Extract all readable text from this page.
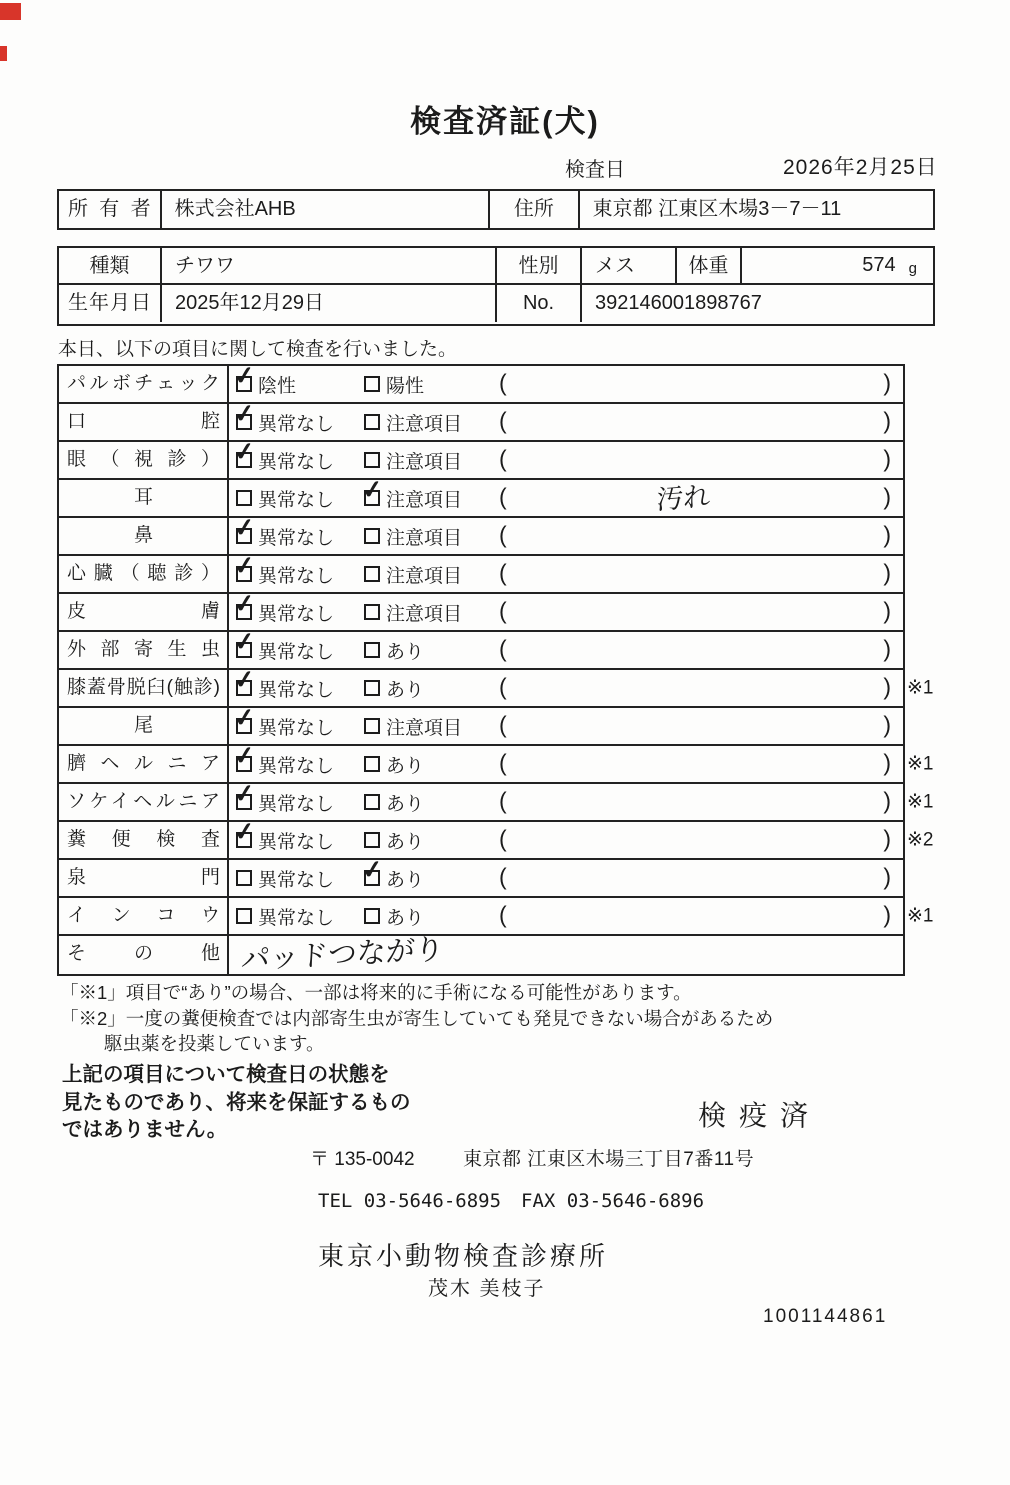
検査済証(犬)
検査日	2026年2月25日
所有者	株式会社AHB	住所	東京都 江東区木場3－7－11
種類	チワワ	性別	メス	体重	574 g
生年月日	2025年12月29日	No.	392146001898767
本日、以下の項目に関して検査を行いました。
パルボチェック ✓ 陰性	陽性	(	)
口腔 ✓ 異常なし	注意項目 (	)
眼（視診） ✓ 異常なし	注意項目 (	)
耳	異常なし ✓ 注意項目 (	汚れ	)
鼻	✓ 異常なし	注意項目 (	)
心臓（聴診） ✓ 異常なし	注意項目 (	)
皮膚 ✓ 異常なし	注意項目 (	)
外部寄生虫 ✓ 異常なし	あり	(	)
膝蓋骨脱臼(触診) ✓ 異常なし	あり	(	) ※1
尾	✓ 異常なし	注意項目 (	)
臍ヘルニア ✓ 異常なし	あり	(	) ※1
ソケイヘルニア ✓ 異常なし	あり	(	) ※1
糞便検査 ✓ 異常なし	あり	(	) ※2
泉門	異常なし ✓ あり	(	)
インコウ	異常なし	あり	(	) ※1
その他 パッドつながり
「※1」項目で“あり”の場合、一部は将来的に手術になる可能性があります。
「※2」一度の糞便検査では内部寄生虫が寄生していても発見できない場合があるため
駆虫薬を投薬しています。
上記の項目について検査日の状態を
見たものであり、将来を保証するもの
ではありません。	検疫済
〒 135-0042	東京都 江東区木場三丁目7番11号
TEL 03-5646-6895 FAX 03-5646-6896
東京小動物検査診療所
茂木 美枝子
1001144861
